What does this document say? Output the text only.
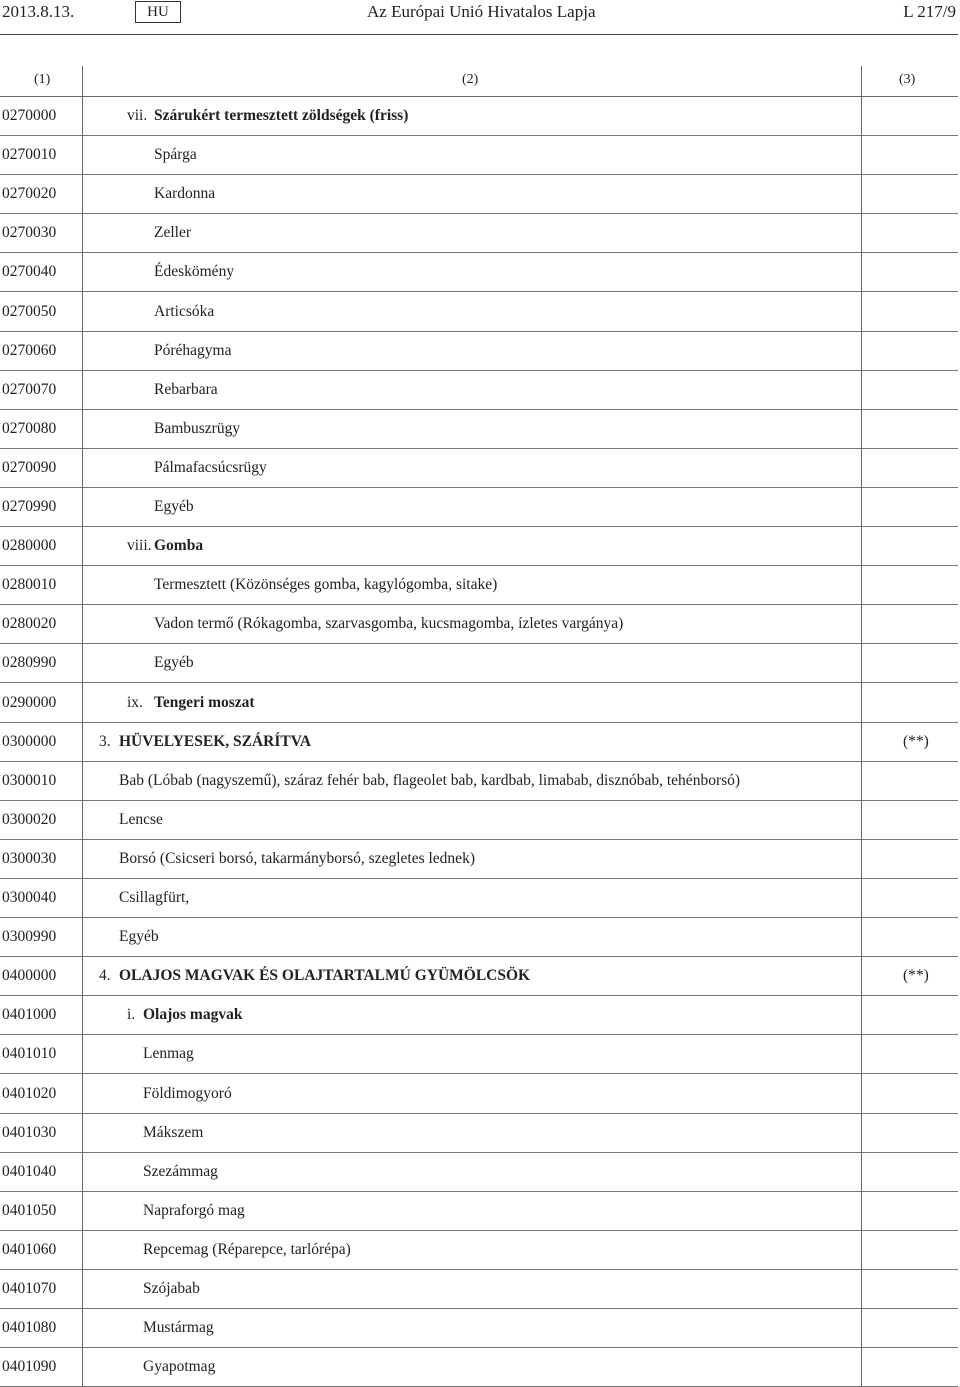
2013.8.13.	HU	Az Európai Unió Hivatalos Lapja	L 217/9
(1)	(2)	(3)
0270000	vii. Szárukért termesztett zöldségek (friss)
0270010	Spárga
0270020	Kardonna
0270030	Zeller
0270040	Édeskömény
0270050	Articsóka
0270060	Póréhagyma
0270070	Rebarbara
0270080	Bambuszrügy
0270090	Pálmafacsúcsrügy
0270990	Egyéb
0280000	viii. Gomba
0280010	Termesztett (Közönséges gomba, kagylógomba, sitake)
0280020	Vadon termő (Rókagomba, szarvasgomba, kucsmagomba, ízletes vargánya)
0280990	Egyéb
0290000	ix. Tengeri moszat
0300000	3. HÜVELYESEK, SZÁRÍTVA	(**)
0300010	Bab (Lóbab (nagyszemű), száraz fehér bab, flageolet bab, kardbab, limabab, disznóbab, tehénborsó)
0300020	Lencse
0300030	Borsó (Csicseri borsó, takarmányborsó, szegletes lednek)
0300040	Csillagfürt,
0300990	Egyéb
0400000	4. OLAJOS MAGVAK ÉS OLAJTARTALMÚ GYÜMÖLCSÖK	(**)
0401000	i. Olajos magvak
0401010	Lenmag
0401020	Földimogyoró
0401030	Mákszem
0401040	Szezámmag
0401050	Napraforgó mag
0401060	Repcemag (Réparepce, tarlórépa)
0401070	Szójabab
0401080	Mustármag
0401090	Gyapotmag
